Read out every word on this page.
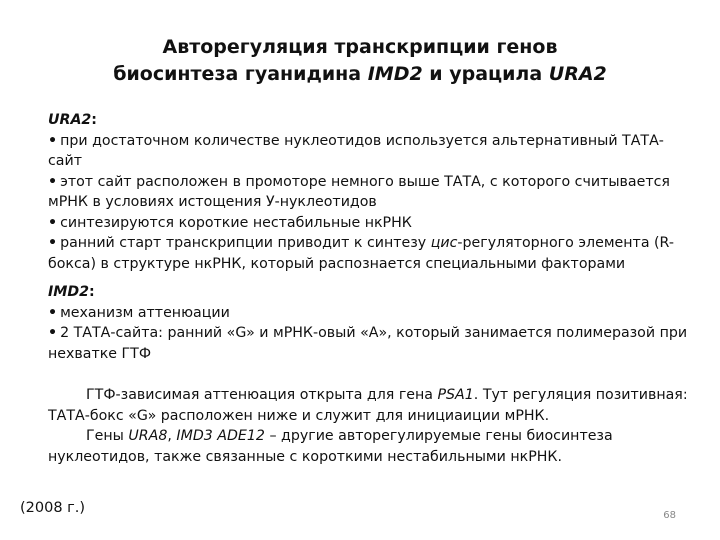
Авторегуляция транскрипции генов
биосинтеза гуанидина IMD2 и урацила URA2
URA2:

• при достаточном количестве нуклеотидов используется альтернативный ТАТА-сайт

• этот сайт расположен в промоторе немного выше ТАТА, с которого считывается мРНК в условиях истощения У-нуклеотидов

• синтезируются короткие нестабильные нкРНК

• ранний старт транскрипции приводит к синтезу цис-регуляторного элемента (R-бокса) в структуре нкРНК, который распознается специальными факторами

IMD2:

• механизм аттенюации

• 2 ТАТА-сайта: ранний «G» и мРНК-овый «А», который занимается полимеразой при нехватке ГТФ

ГТФ-зависимая аттенюация открыта для гена PSA1. Тут регуляция позитивная: ТАТА-бокс «G» расположен ниже и служит для инициаиции мРНК.

Гены URA8, IMD3 ADE12 – другие авторегулируемые гены биосинтеза нуклеотидов, также связанные с короткими нестабильными нкРНК.

(2008 г.)	68
